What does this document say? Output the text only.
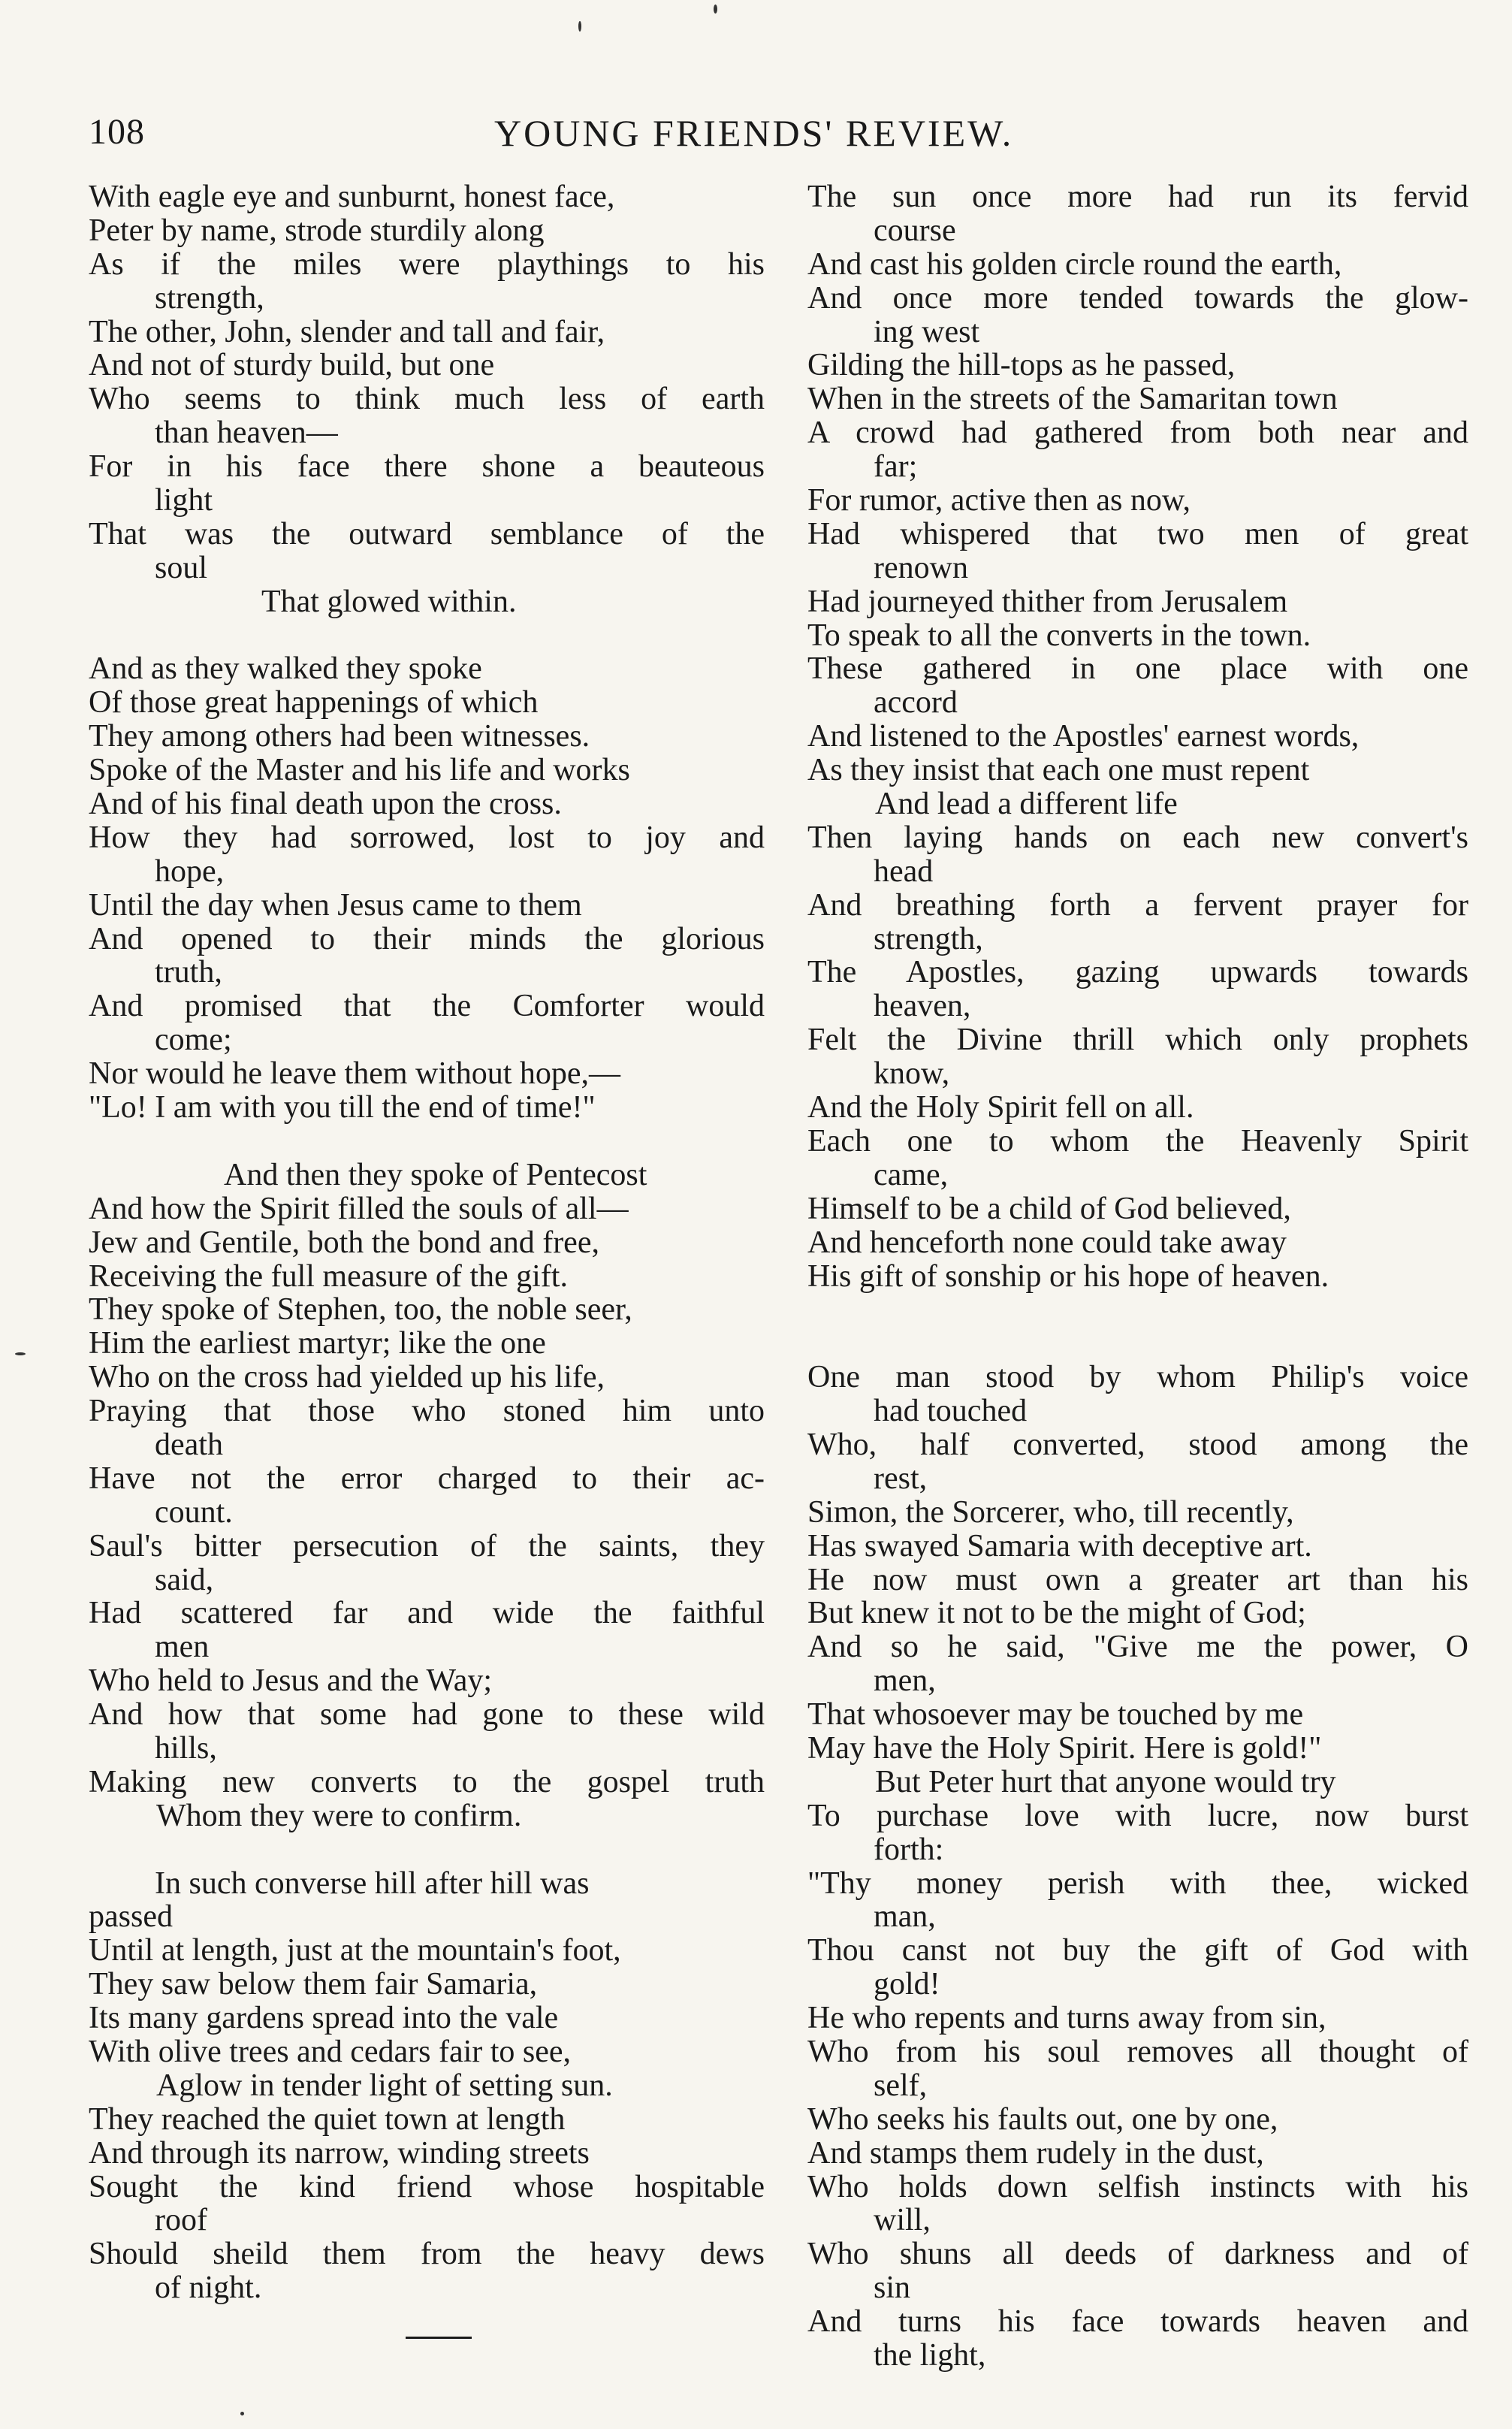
108	YOUNG FRIENDS' REVIEW.
With eagle eye and sunburnt, honest face,
Peter by name, strode sturdily along
As if the miles were playthings to his
strength,
The other, John, slender and tall and fair,
And not of sturdy build, but one
Who seems to think much less of earth
than heaven—
For in his face there shone a beauteous
light
That was the outward semblance of the
soul
That glowed within.
And as they walked they spoke
Of those great happenings of which
They among others had been witnesses.
Spoke of the Master and his life and works
And of his final death upon the cross.
How they had sorrowed, lost to joy and
hope,
Until the day when Jesus came to them
And opened to their minds the glorious
truth,
And promised that the Comforter would
come;
Nor would he leave them without hope,—
"Lo! I am with you till the end of time!"
And then they spoke of Pentecost
And how the Spirit filled the souls of all—
Jew and Gentile, both the bond and free,
Receiving the full measure of the gift.
They spoke of Stephen, too, the noble seer,
Him the earliest martyr; like the one
Who on the cross had yielded up his life,
Praying that those who stoned him unto
death
Have not the error charged to their ac-
count.
Saul's bitter persecution of the saints, they
said,
Had scattered far and wide the faithful
men
Who held to Jesus and the Way;
And how that some had gone to these wild
hills,
Making new converts to the gospel truth
Whom they were to confirm.
In such converse hill after hill was
passed
Until at length, just at the mountain's foot,
They saw below them fair Samaria,
Its many gardens spread into the vale
With olive trees and cedars fair to see,
Aglow in tender light of setting sun.
They reached the quiet town at length
And through its narrow, winding streets
Sought the kind friend whose hospitable
roof
Should sheild them from the heavy dews
of night.
The sun once more had run its fervid
course
And cast his golden circle round the earth,
And once more tended towards the glow-
ing west
Gilding the hill-tops as he passed,
When in the streets of the Samaritan town
A crowd had gathered from both near and
far;
For rumor, active then as now,
Had whispered that two men of great
renown
Had journeyed thither from Jerusalem
To speak to all the converts in the town.
These gathered in one place with one
accord
And listened to the Apostles' earnest words,
As they insist that each one must repent
And lead a different life
Then laying hands on each new convert's
head
And breathing forth a fervent prayer for
strength,
The Apostles, gazing upwards towards
heaven,
Felt the Divine thrill which only prophets
know,
And the Holy Spirit fell on all.
Each one to whom the Heavenly Spirit
came,
Himself to be a child of God believed,
And henceforth none could take away
His gift of sonship or his hope of heaven.
One man stood by whom Philip's voice
had touched
Who, half converted, stood among the
rest,
Simon, the Sorcerer, who, till recently,
Has swayed Samaria with deceptive art.
He now must own a greater art than his
But knew it not to be the might of God;
And so he said, "Give me the power, O
men,
That whosoever may be touched by me
May have the Holy Spirit. Here is gold!"
But Peter hurt that anyone would try
To purchase love with lucre, now burst
forth:
"Thy money perish with thee, wicked
man,
Thou canst not buy the gift of God with
gold!
He who repents and turns away from sin,
Who from his soul removes all thought of
self,
Who seeks his faults out, one by one,
And stamps them rudely in the dust,
Who holds down selfish instincts with his
will,
Who shuns all deeds of darkness and of
sin
And turns his face towards heaven and
the light,
